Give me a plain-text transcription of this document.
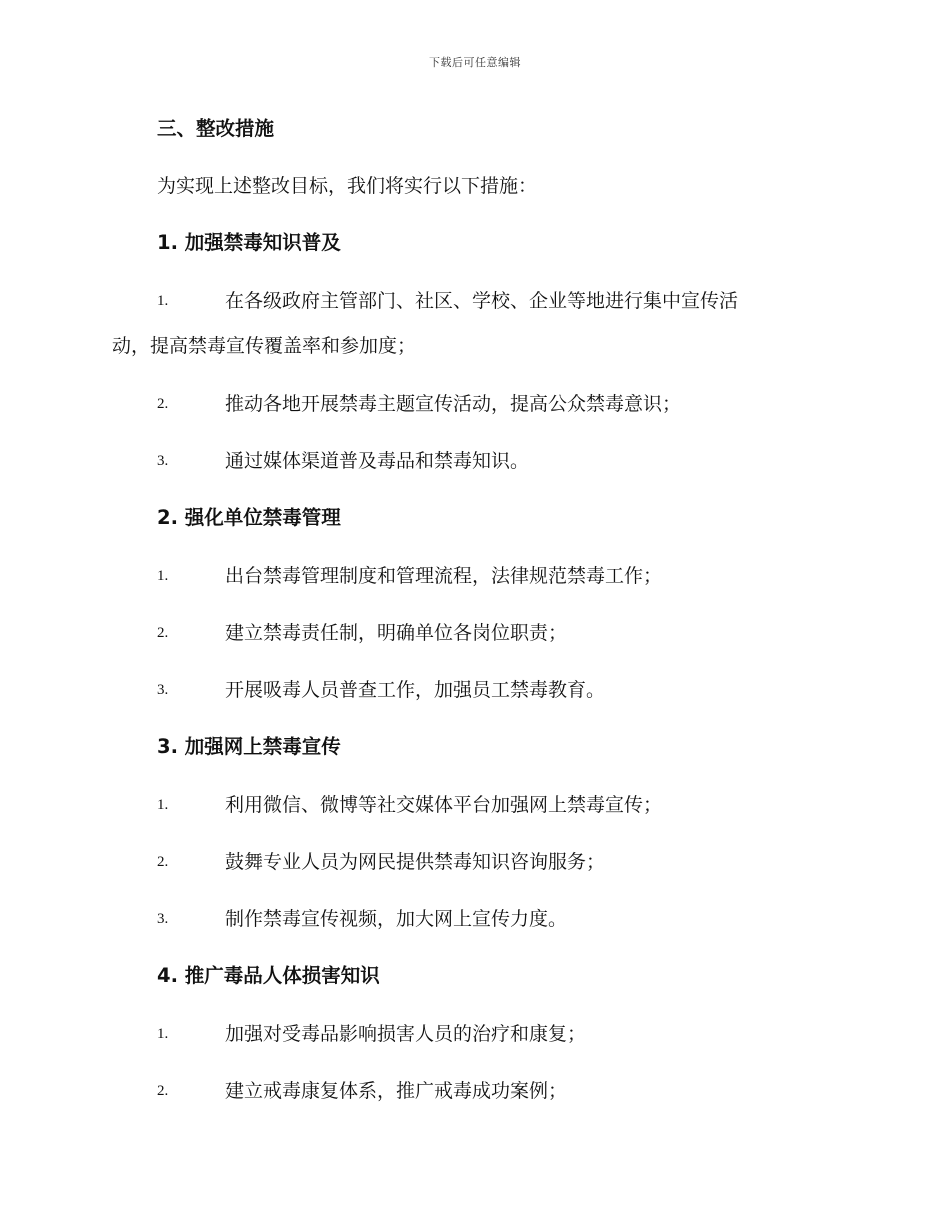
下载后可任意编辑
三、整改措施
为实现上述整改目标，我们将实行以下措施：
1. 加强禁毒知识普及
1.	在各级政府主管部门、社区、学校、企业等地进行集中宣传活
动，提高禁毒宣传覆盖率和参加度；
2.	推动各地开展禁毒主题宣传活动，提高公众禁毒意识；
3.	通过媒体渠道普及毒品和禁毒知识。
2. 强化单位禁毒管理
1.	出台禁毒管理制度和管理流程，法律规范禁毒工作；
2.	建立禁毒责任制，明确单位各岗位职责；
3.	开展吸毒人员普查工作，加强员工禁毒教育。
3. 加强网上禁毒宣传
1.	利用微信、微博等社交媒体平台加强网上禁毒宣传；
2.	鼓舞专业人员为网民提供禁毒知识咨询服务；
3.	制作禁毒宣传视频，加大网上宣传力度。
4. 推广毒品人体损害知识
1.	加强对受毒品影响损害人员的治疗和康复；
2.	建立戒毒康复体系，推广戒毒成功案例；
